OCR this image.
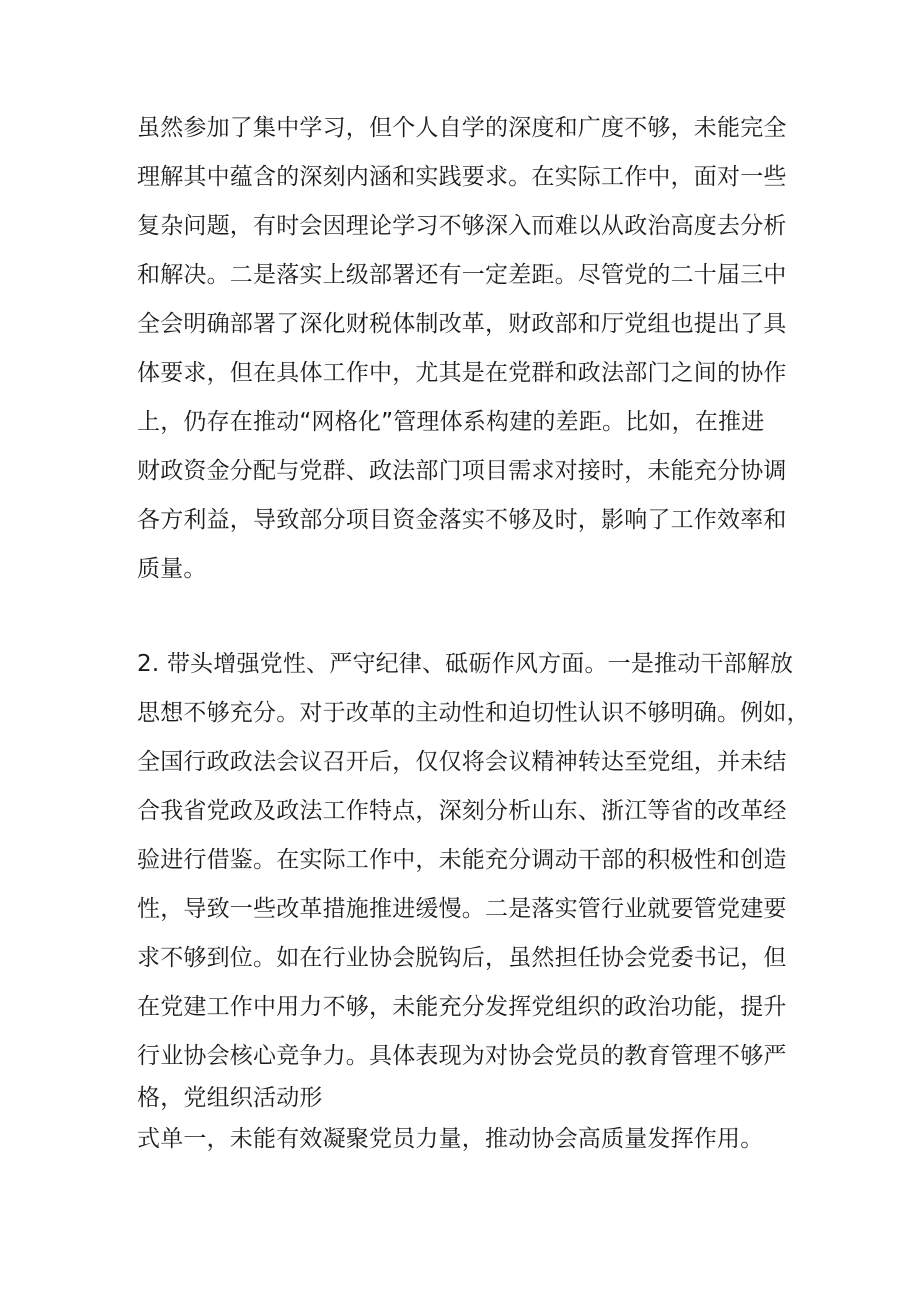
虽然参加了集中学习，但个人自学的深度和广度不够，未能完全
理解其中蕴含的深刻内涵和实践要求。在实际工作中，面对一些
复杂问题，有时会因理论学习不够深入而难以从政治高度去分析
和解决。二是落实上级部署还有一定差距。尽管党的二十届三中
全会明确部署了深化财税体制改革，财政部和厅党组也提出了具
体要求，但在具体工作中，尤其是在党群和政法部门之间的协作
上，仍存在推动“网格化”管理体系构建的差距。比如，在推进
财政资金分配与党群、政法部门项目需求对接时，未能充分协调
各方利益，导致部分项目资金落实不够及时，影响了工作效率和
质量。
2. 带头增强党性、严守纪律、砥砺作风方面。一是推动干部解放
思想不够充分。对于改革的主动性和迫切性认识不够明确。例如，
全国行政政法会议召开后，仅仅将会议精神转达至党组，并未结
合我省党政及政法工作特点，深刻分析山东、浙江等省的改革经
验进行借鉴。在实际工作中，未能充分调动干部的积极性和创造
性，导致一些改革措施推进缓慢。二是落实管行业就要管党建要
求不够到位。如在行业协会脱钩后，虽然担任协会党委书记，但
在党建工作中用力不够，未能充分发挥党组织的政治功能，提升
行业协会核心竞争力。具体表现为对协会党员的教育管理不够严
格，党组织活动形
式单一，未能有效凝聚党员力量，推动协会高质量发挥作用。
